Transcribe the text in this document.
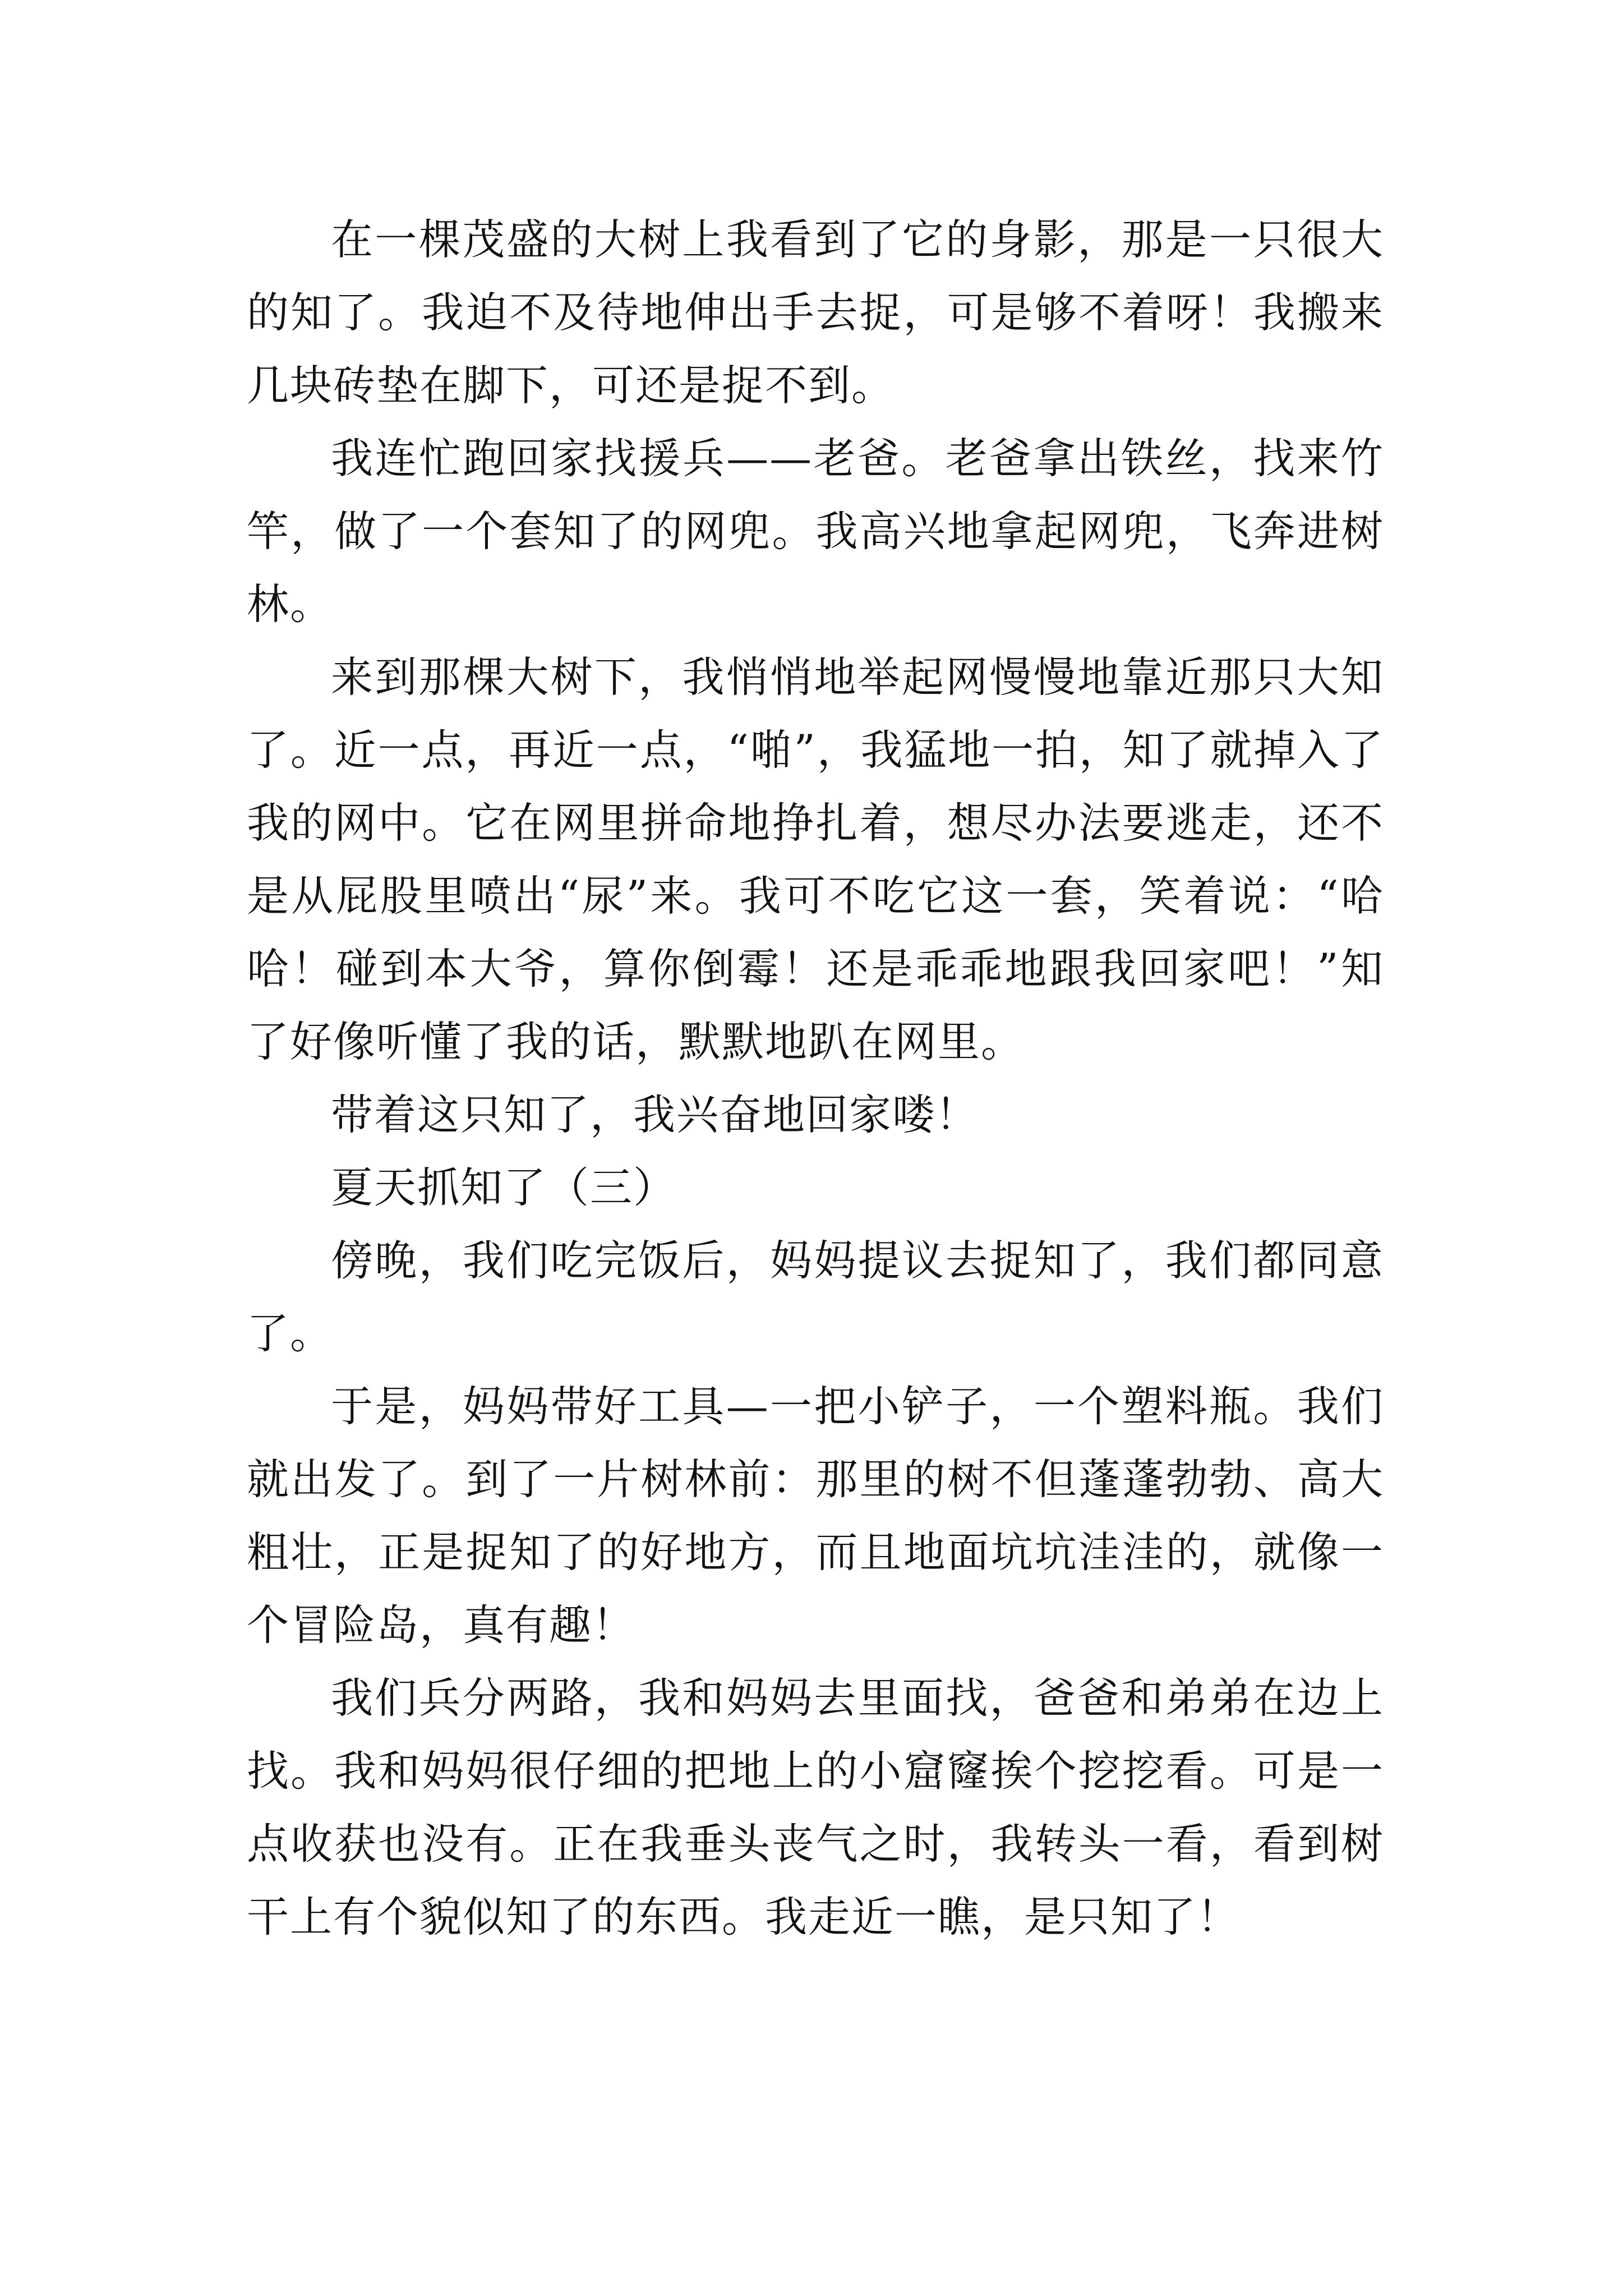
在一棵茂盛的大树上我看到了它的身影，那是一只很大的知了。我迫不及待地伸出手去捉，可是够不着呀！我搬来几块砖垫在脚下，可还是捉不到。

我连忙跑回家找援兵——老爸。老爸拿出铁丝，找来竹竿，做了一个套知了的网兜。我高兴地拿起网兜，飞奔进树林。

来到那棵大树下，我悄悄地举起网慢慢地靠近那只大知了。近一点，再近一点，“啪”，我猛地一拍，知了就掉入了我的网中。它在网里拼命地挣扎着，想尽办法要逃走，还不是从屁股里喷出“尿”来。我可不吃它这一套，笑着说：“哈哈！碰到本大爷，算你倒霉！还是乖乖地跟我回家吧！”知了好像听懂了我的话，默默地趴在网里。

带着这只知了，我兴奋地回家喽！

夏天抓知了（三）

傍晚，我们吃完饭后，妈妈提议去捉知了，我们都同意了。

于是，妈妈带好工具—一把小铲子，一个塑料瓶。我们就出发了。到了一片树林前：那里的树不但蓬蓬勃勃、高大粗壮，正是捉知了的好地方，而且地面坑坑洼洼的，就像一个冒险岛，真有趣！

我们兵分两路，我和妈妈去里面找，爸爸和弟弟在边上找。我和妈妈很仔细的把地上的小窟窿挨个挖挖看。可是一点收获也没有。正在我垂头丧气之时，我转头一看，看到树干上有个貌似知了的东西。我走近一瞧，是只知了！
